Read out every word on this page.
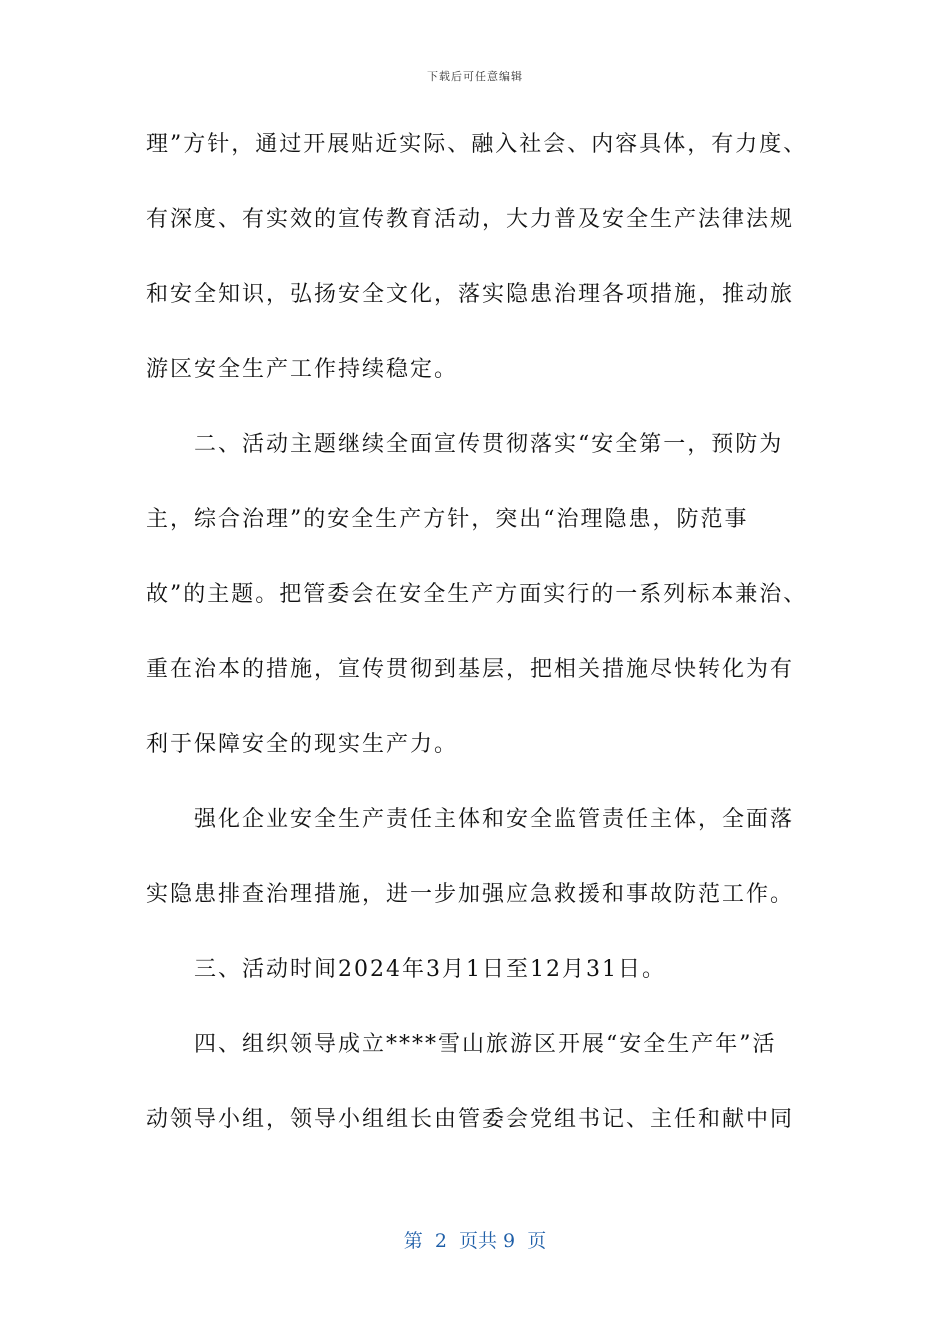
下载后可任意编辑
理”方针，通过开展贴近实际、融入社会、内容具体，有力度、
有深度、有实效的宣传教育活动，大力普及安全生产法律法规
和安全知识，弘扬安全文化，落实隐患治理各项措施，推动旅
游区安全生产工作持续稳定。
二、活动主题继续全面宣传贯彻落实“安全第一，预防为
主，综合治理”的安全生产方针，突出“治理隐患，防范事
故”的主题。把管委会在安全生产方面实行的一系列标本兼治、
重在治本的措施，宣传贯彻到基层，把相关措施尽快转化为有
利于保障安全的现实生产力。
强化企业安全生产责任主体和安全监管责任主体，全面落
实隐患排查治理措施，进一步加强应急救援和事故防范工作。
三、活动时间2024年3月1日至12月31日。
四、组织领导成立****雪山旅游区开展“安全生产年”活
动领导小组，领导小组组长由管委会党组书记、主任和献中同
第  2  页共 9  页
